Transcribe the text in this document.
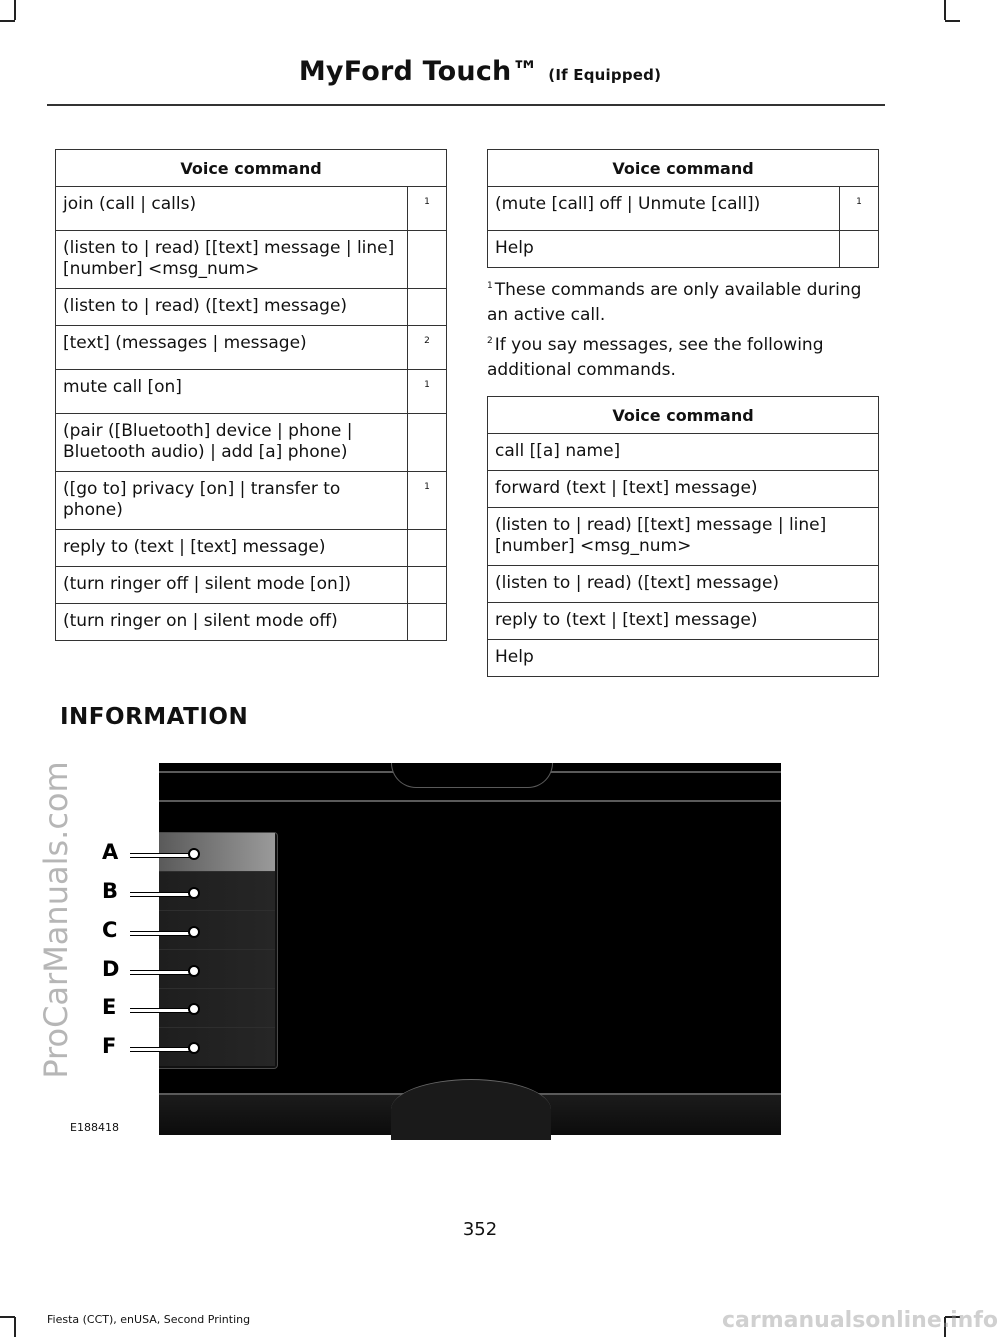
MyFord Touch™ (If Equipped)
Voice command	
join (call | calls)	1
(listen to | read) [[text] message | line] [number] <msg_num>	
(listen to | read) ([text] message)	
[text] (messages | message)	2
mute call [on]	1
(pair ([Bluetooth] device | phone | Bluetooth audio) | add [a] phone)	
([go to] privacy [on] | transfer to phone)	1
reply to (text | [text] message)	
(turn ringer off | silent mode [on])	
(turn ringer on | silent mode off)	
Voice command	
(mute [call] off | Unmute [call])	1
Help	
$^1$ These commands are only available during an active call.
$^2$ If you say messages, see the following additional commands.
Voice command
call [[a] name]
forward (text | [text] message)
(listen to | read) [[text] message | line] [number] <msg_num>
(listen to | read) ([text] message)
reply to (text | [text] message)
Help
INFORMATION
A
B
C
D
E
F
E188418
352
Fiesta (CCT), enUSA, Second Printing
ProCarManuals.com
carmanualsonline.info
